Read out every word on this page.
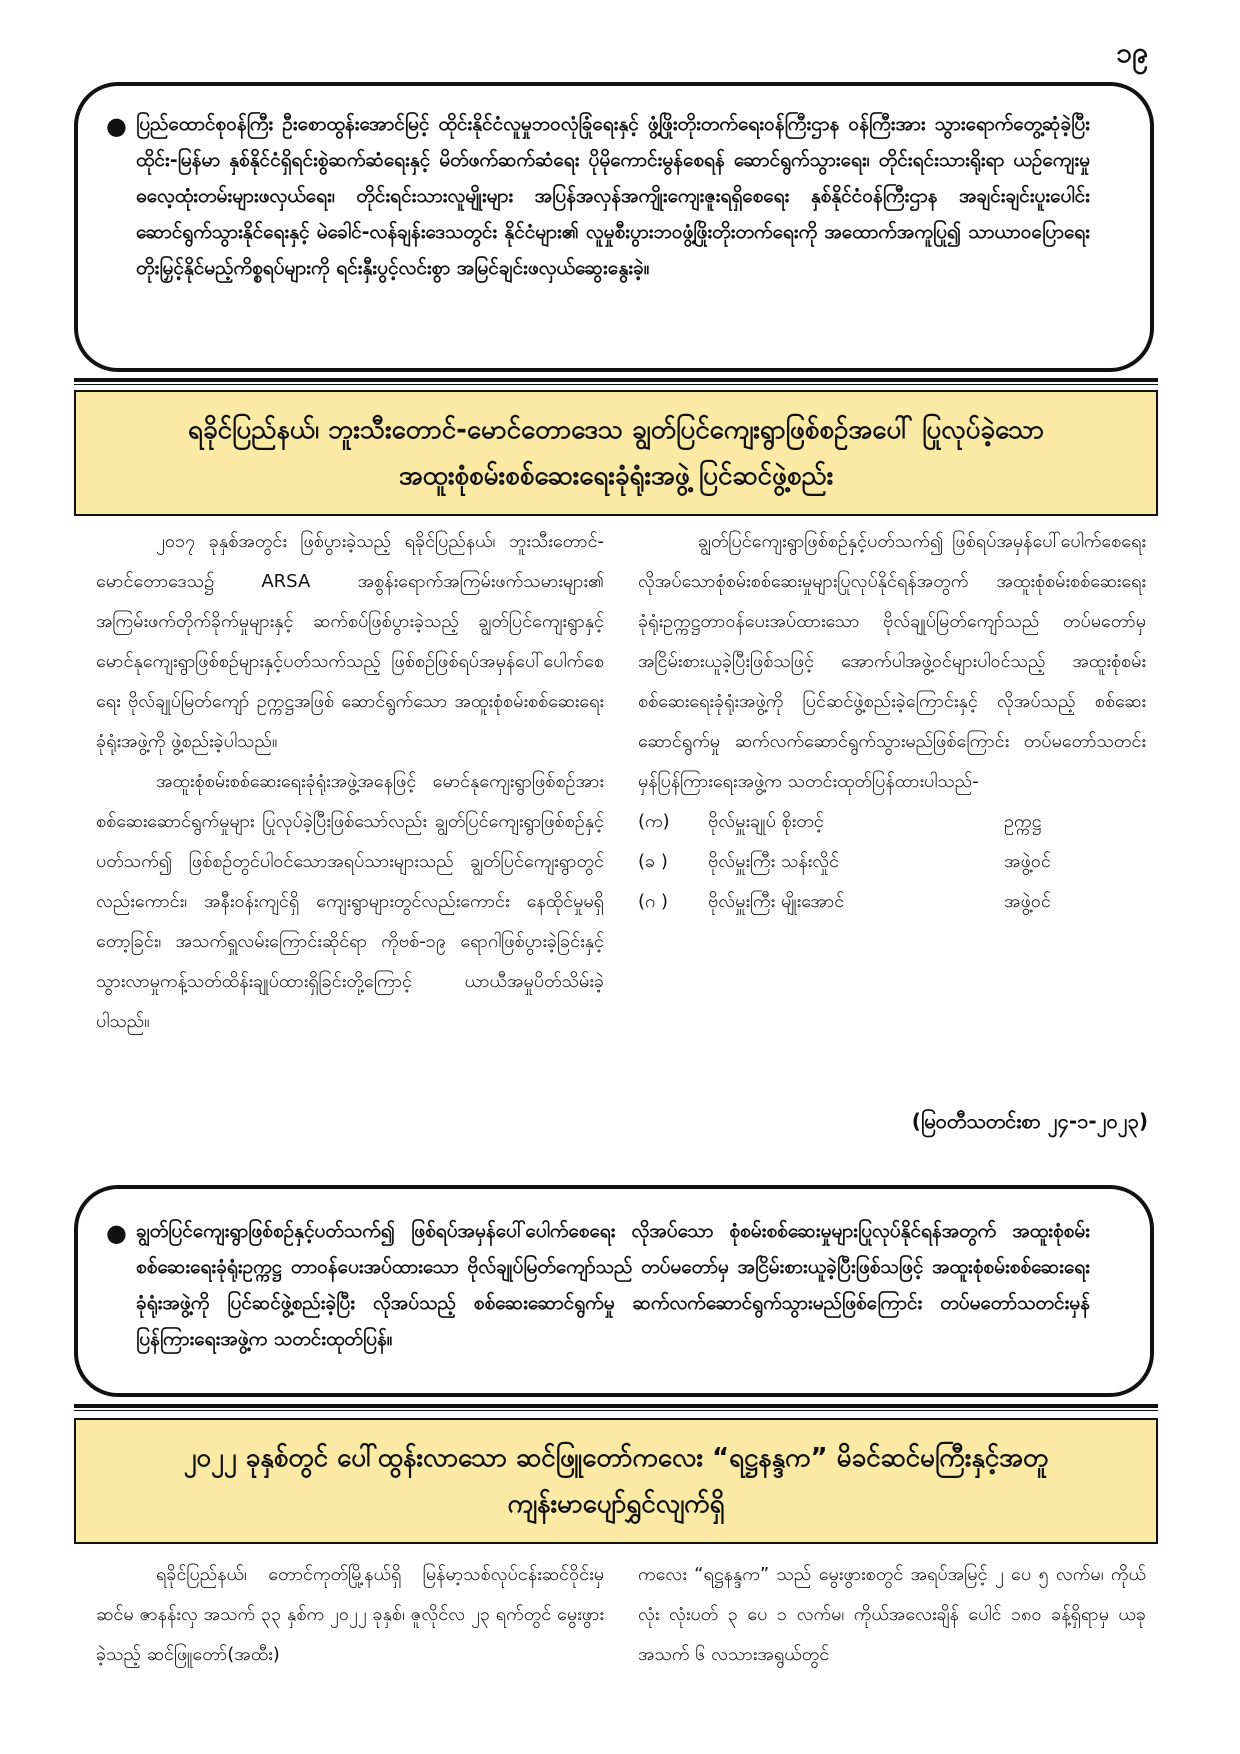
၁၉
● ပြည်ထောင်စုဝန်ကြီး ဦးစောထွန်းအောင်မြင့် ထိုင်းနိုင်ငံလူမှုဘဝလုံခြုံရေးနှင့် ဖွံ့ဖြိုးတိုးတက်ရေးဝန်ကြီးဌာန ဝန်ကြီးအား သွားရောက်တွေ့ဆုံခဲ့ပြီး ထိုင်း-မြန်မာ နှစ်နိုင်ငံရှိရင်းစွဲဆက်ဆံရေးနှင့် မိတ်ဖက်ဆက်ဆံရေး ပိုမိုကောင်းမွန်စေရန် ဆောင်ရွက်သွားရေး၊ တိုင်းရင်းသားရိုးရာ ယဉ်ကျေးမှုဓလေ့ထုံးတမ်းများဖလှယ်ရေး၊ တိုင်းရင်းသားလူမျိုးများ အပြန်အလှန်အကျိုးကျေးဇူးရရှိစေရေး နှစ်နိုင်ငံဝန်ကြီးဌာန အချင်းချင်းပူးပေါင်းဆောင်ရွက်သွားနိုင်ရေးနှင့် မဲခေါင်-လန်ချန်းဒေသတွင်း နိုင်ငံများ၏ လူမှုစီးပွားဘဝဖွံ့ဖြိုးတိုးတက်ရေးကို အထောက်အကူပြု၍ သာယာဝပြောရေး တိုးမြှင့်နိုင်မည့်ကိစ္စရပ်များကို ရင်းနှီးပွင့်လင်းစွာ အမြင်ချင်းဖလှယ်ဆွေးနွေးခဲ့။
ရခိုင်ပြည်နယ်၊ ဘူးသီးတောင်-မောင်တောဒေသ ချွတ်ပြင်ကျေးရွာဖြစ်စဉ်အပေါ် ပြုလုပ်ခဲ့သော
အထူးစုံစမ်းစစ်ဆေးရေးခုံရုံးအဖွဲ့ ပြင်ဆင်ဖွဲ့စည်း

၂၀၁၇ ခုနှစ်အတွင်း ဖြစ်ပွားခဲ့သည့် ရခိုင်ပြည်နယ်၊ ဘူးသီးတောင်-မောင်တောဒေသ၌ ARSA အစွန်းရောက်အကြမ်းဖက်သမားများ၏ အကြမ်းဖက်တိုက်ခိုက်မှုများနှင့် ဆက်စပ်ဖြစ်ပွားခဲ့သည့် ချွတ်ပြင်ကျေးရွာနှင့် မောင်နုကျေးရွာဖြစ်စဉ်များနှင့်ပတ်သက်သည့် ဖြစ်စဉ်ဖြစ်ရပ်အမှန်ပေါ်ပေါက်စေရေး ဗိုလ်ချုပ်မြတ်ကျော် ဥက္ကဋ္ဌအဖြစ် ဆောင်ရွက်သော အထူးစုံစမ်းစစ်ဆေးရေးခုံရုံးအဖွဲ့ကို ဖွဲ့စည်းခဲ့ပါသည်။

အထူးစုံစမ်းစစ်ဆေးရေးခုံရုံးအဖွဲ့အနေဖြင့် မောင်နုကျေးရွာဖြစ်စဉ်အား စစ်ဆေးဆောင်ရွက်မှုများ ပြုလုပ်ခဲ့ပြီးဖြစ်သော်လည်း ချွတ်ပြင်ကျေးရွာဖြစ်စဉ်နှင့်ပတ်သက်၍ ဖြစ်စဉ်တွင်ပါဝင်သောအရပ်သားများသည် ချွတ်ပြင်ကျေးရွာတွင်လည်းကောင်း၊ အနီးဝန်းကျင်ရှိ ကျေးရွာများတွင်လည်းကောင်း နေထိုင်မှုမရှိတော့ခြင်း၊ အသက်ရှူလမ်းကြောင်းဆိုင်ရာ ကိုဗစ်-၁၉ ရောဂါဖြစ်ပွားခဲ့ခြင်းနှင့် သွားလာမှုကန့်သတ်ထိန်းချုပ်ထားရှိခြင်းတို့ကြောင့် ယာယီအမှုပိတ်သိမ်းခဲ့ပါသည်။

ချွတ်ပြင်ကျေးရွာဖြစ်စဉ်နှင့်ပတ်သက်၍ ဖြစ်ရပ်အမှန်ပေါ်ပေါက်စေရေး လိုအပ်သောစုံစမ်းစစ်ဆေးမှုများပြုလုပ်နိုင်ရန်အတွက် အထူးစုံစမ်းစစ်ဆေးရေးခုံရုံးဥက္ကဋ္ဌတာဝန်ပေးအပ်ထားသော ဗိုလ်ချုပ်မြတ်ကျော်သည် တပ်မတော်မှ အငြိမ်းစားယူခဲ့ပြီးဖြစ်သဖြင့် အောက်ပါအဖွဲ့ဝင်များပါဝင်သည့် အထူးစုံစမ်းစစ်ဆေးရေးခုံရုံးအဖွဲ့ကို ပြင်ဆင်ဖွဲ့စည်းခဲ့ကြောင်းနှင့် လိုအပ်သည့် စစ်ဆေးဆောင်ရွက်မှု ဆက်လက်ဆောင်ရွက်သွားမည်ဖြစ်ကြောင်း တပ်မတော်သတင်းမှန်ပြန်ကြားရေးအဖွဲ့က သတင်းထုတ်ပြန်ထားပါသည်-

(က)	ဗိုလ်မှူးချုပ် စိုးတင့်	ဥက္ကဋ္ဌ
(ခ )	ဗိုလ်မှူးကြီး သန်းလှိုင်	အဖွဲ့ဝင်
(ဂ )	ဗိုလ်မှူးကြီး မျိုးအောင်	အဖွဲ့ဝင်
(မြဝတီသတင်းစာ ၂၄-၁-၂၀၂၃)
● ချွတ်ပြင်ကျေးရွာဖြစ်စဉ်နှင့်ပတ်သက်၍ ဖြစ်ရပ်အမှန်ပေါ်ပေါက်စေရေး လိုအပ်သော စုံစမ်းစစ်ဆေးမှုများပြုလုပ်နိုင်ရန်အတွက် အထူးစုံစမ်းစစ်ဆေးရေးခုံရုံးဥက္ကဋ္ဌ တာဝန်ပေးအပ်ထားသော ဗိုလ်ချုပ်မြတ်ကျော်သည် တပ်မတော်မှ အငြိမ်းစားယူခဲ့ပြီးဖြစ်သဖြင့် အထူးစုံစမ်းစစ်ဆေးရေးခုံရုံးအဖွဲ့ကို ပြင်ဆင်ဖွဲ့စည်းခဲ့ပြီး လိုအပ်သည့် စစ်ဆေးဆောင်ရွက်မှု ဆက်လက်ဆောင်ရွက်သွားမည်ဖြစ်ကြောင်း တပ်မတော်သတင်းမှန်ပြန်ကြားရေးအဖွဲ့က သတင်းထုတ်ပြန်။
၂၀၂၂ ခုနှစ်တွင် ပေါ်ထွန်းလာသော ဆင်ဖြူတော်ကလေး “ရဋ္ဌနန္ဒက” မိခင်ဆင်မကြီးနှင့်အတူ
ကျန်းမာပျော်ရွှင်လျက်ရှိ

ရခိုင်ပြည်နယ်၊ တောင်ကုတ်မြို့နယ်ရှိ မြန်မာ့သစ်လုပ်ငန်းဆင်ဝိုင်းမှ ဆင်မ ဇာနန်းလှ အသက် ၃၃ နှစ်က ၂၀၂၂ ခုနှစ်၊ ဇူလိုင်လ ၂၃ ရက်တွင် မွေးဖွားခဲ့သည့် ဆင်ဖြူတော်(အထီး)

ကလေး “ရဋ္ဌနန္ဒက” သည် မွေးဖွားစတွင် အရပ်အမြင့် ၂ ပေ ၅ လက်မ၊ ကိုယ်လုံး လုံးပတ် ၃ ပေ ၁ လက်မ၊ ကိုယ်အလေးချိန် ပေါင် ၁၈၀ ခန့်ရှိရာမှ ယခုအသက် ၆ လသားအရွယ်တွင်
